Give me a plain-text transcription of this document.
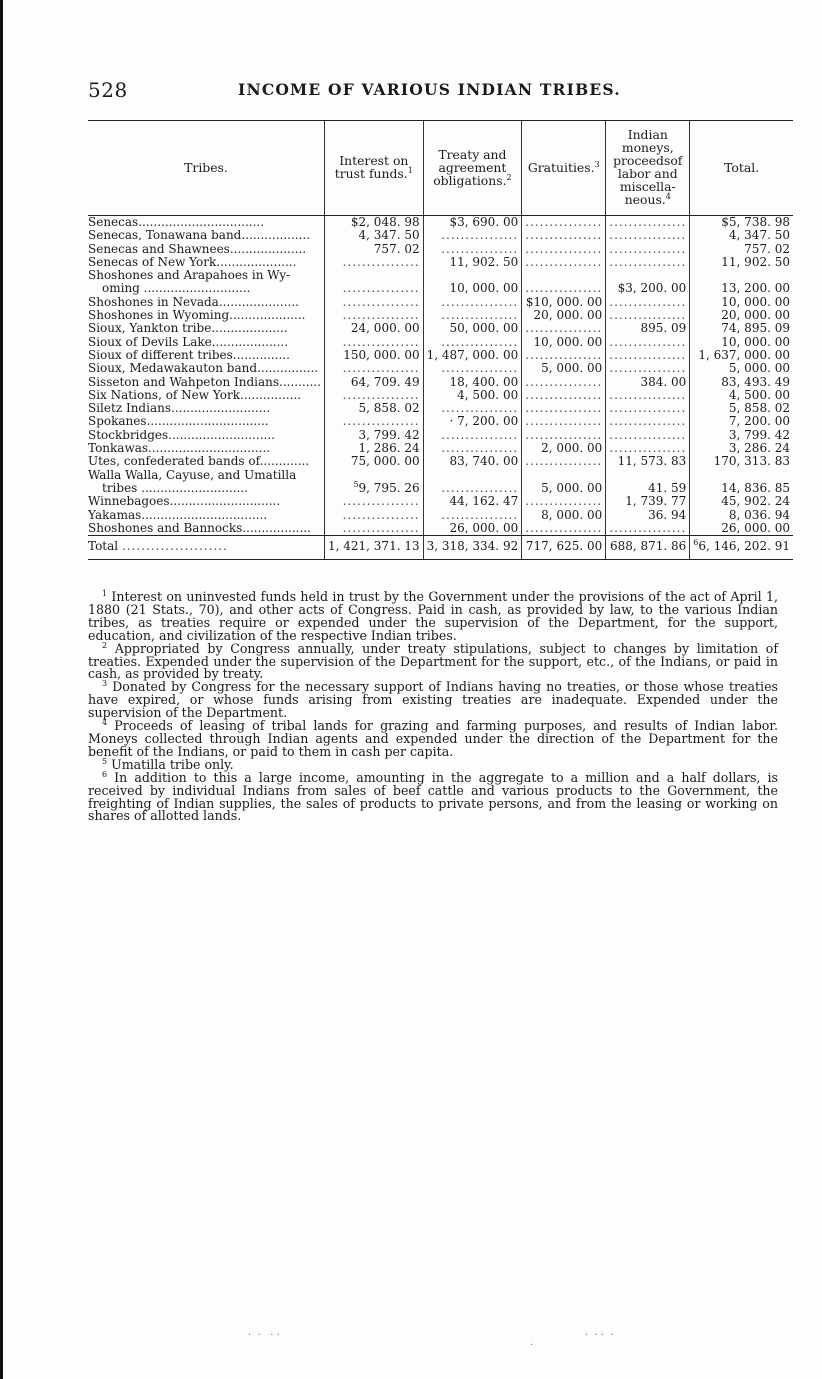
528	INCOME OF VARIOUS INDIAN TRIBES.
Tribes.	Interest on trust funds.$^1$	Treaty and agreement obligations.$^2$	Gratuities.$^3$	Indian moneys, proceedsof labor and miscella-neous.$^4$	Total.
Senecas.................................	$2, 048. 98	$3, 690. 00	................	................	$5, 738. 98
Senecas, Tonawana band..................	4, 347. 50	................	................	................	4, 347. 50
Senecas and Shawnees....................	757. 02	................	................	................	757. 02
Senecas of New York.....................	................	11, 902. 50	................	................	11, 902. 50

Shoshones and Arapahoes in Wy-
oming ............................	................	10, 000. 00	................	$3, 200. 00	13, 200. 00
Shoshones in Nevada.....................	................	................	$10, 000. 00	................	10, 000. 00
Shoshones in Wyoming....................	................	................	20, 000. 00	................	20, 000. 00
Sioux, Yankton tribe....................	24, 000. 00	50, 000. 00	................	895. 09	74, 895. 09
Sioux of Devils Lake....................	................	................	10, 000. 00	................	10, 000. 00
Sioux of different tribes...............	150, 000. 00	1, 487, 000. 00	................	................	1, 637, 000. 00
Sioux, Medawakauton band................	................	................	5, 000. 00	................	5, 000. 00
Sisseton and Wahpeton Indians...........	64, 709. 49	18, 400. 00	................	384. 00	83, 493. 49
Six Nations, of New York................	................	4, 500. 00	................	................	4, 500. 00
Siletz Indians..........................	5, 858. 02	................	................	................	5, 858. 02
Spokanes................................	................	· 7, 200. 00	................	................	7, 200. 00
Stockbridges............................	3, 799. 42	................	................	................	3, 799. 42
Tonkawas................................	1, 286. 24	................	2, 000. 00	................	3, 286. 24
Utes, confederated bands of.............	75, 000. 00	83, 740. 00	................	11, 573. 83	170, 313. 83

Walla Walla, Cayuse, and Umatilla
tribes ............................	$^5$9, 795. 26	................	5, 000. 00	41. 59	14, 836. 85
Winnebagoes.............................	................	44, 162. 47	................	1, 739. 77	45, 902. 24
Yakamas.................................	................	................	8, 000. 00	36. 94	8, 036. 94
Shoshones and Bannocks..................	................	26, 000. 00	................	................	26, 000. 00
Total ......................	1, 421, 371. 13	3, 318, 334. 92	717, 625. 00	688, 871. 86	$^6$6, 146, 202. 91

$^1$ Interest on uninvested funds held in trust by the Government under the provisions of the act of April 1, 1880 (21 Stats., 70), and other acts of Congress. Paid in cash, as provided by law, to the various Indian tribes, as treaties require or expended under the supervision of the Department, for the support, education, and civilization of the respective Indian tribes.

$^2$ Appropriated by Congress annually, under treaty stipulations, subject to changes by limitation of treaties. Expended under the supervision of the Department for the support, etc., of the Indians, or paid in cash, as provided by treaty.

$^3$ Donated by Congress for the necessary support of Indians having no treaties, or those whose treaties have expired, or whose funds arising from existing treaties are inadequate. Expended under the supervision of the Department.

$^4$ Proceeds of leasing of tribal lands for grazing and farming purposes, and results of Indian labor. Moneys collected through Indian agents and expended under the direction of the Department for the benefit of the Indians, or paid to them in cash per capita.

$^5$ Umatilla tribe only.

$^6$ In addition to this a large income, amounting in the aggregate to a million and a half dollars, is received by individual Indians from sales of beef cattle and various products to the Government, the freighting of Indian supplies, the sales of products to private persons, and from the leasing or working on shares of allotted lands.

·  ·   · ·
·
·  · ·  ·
